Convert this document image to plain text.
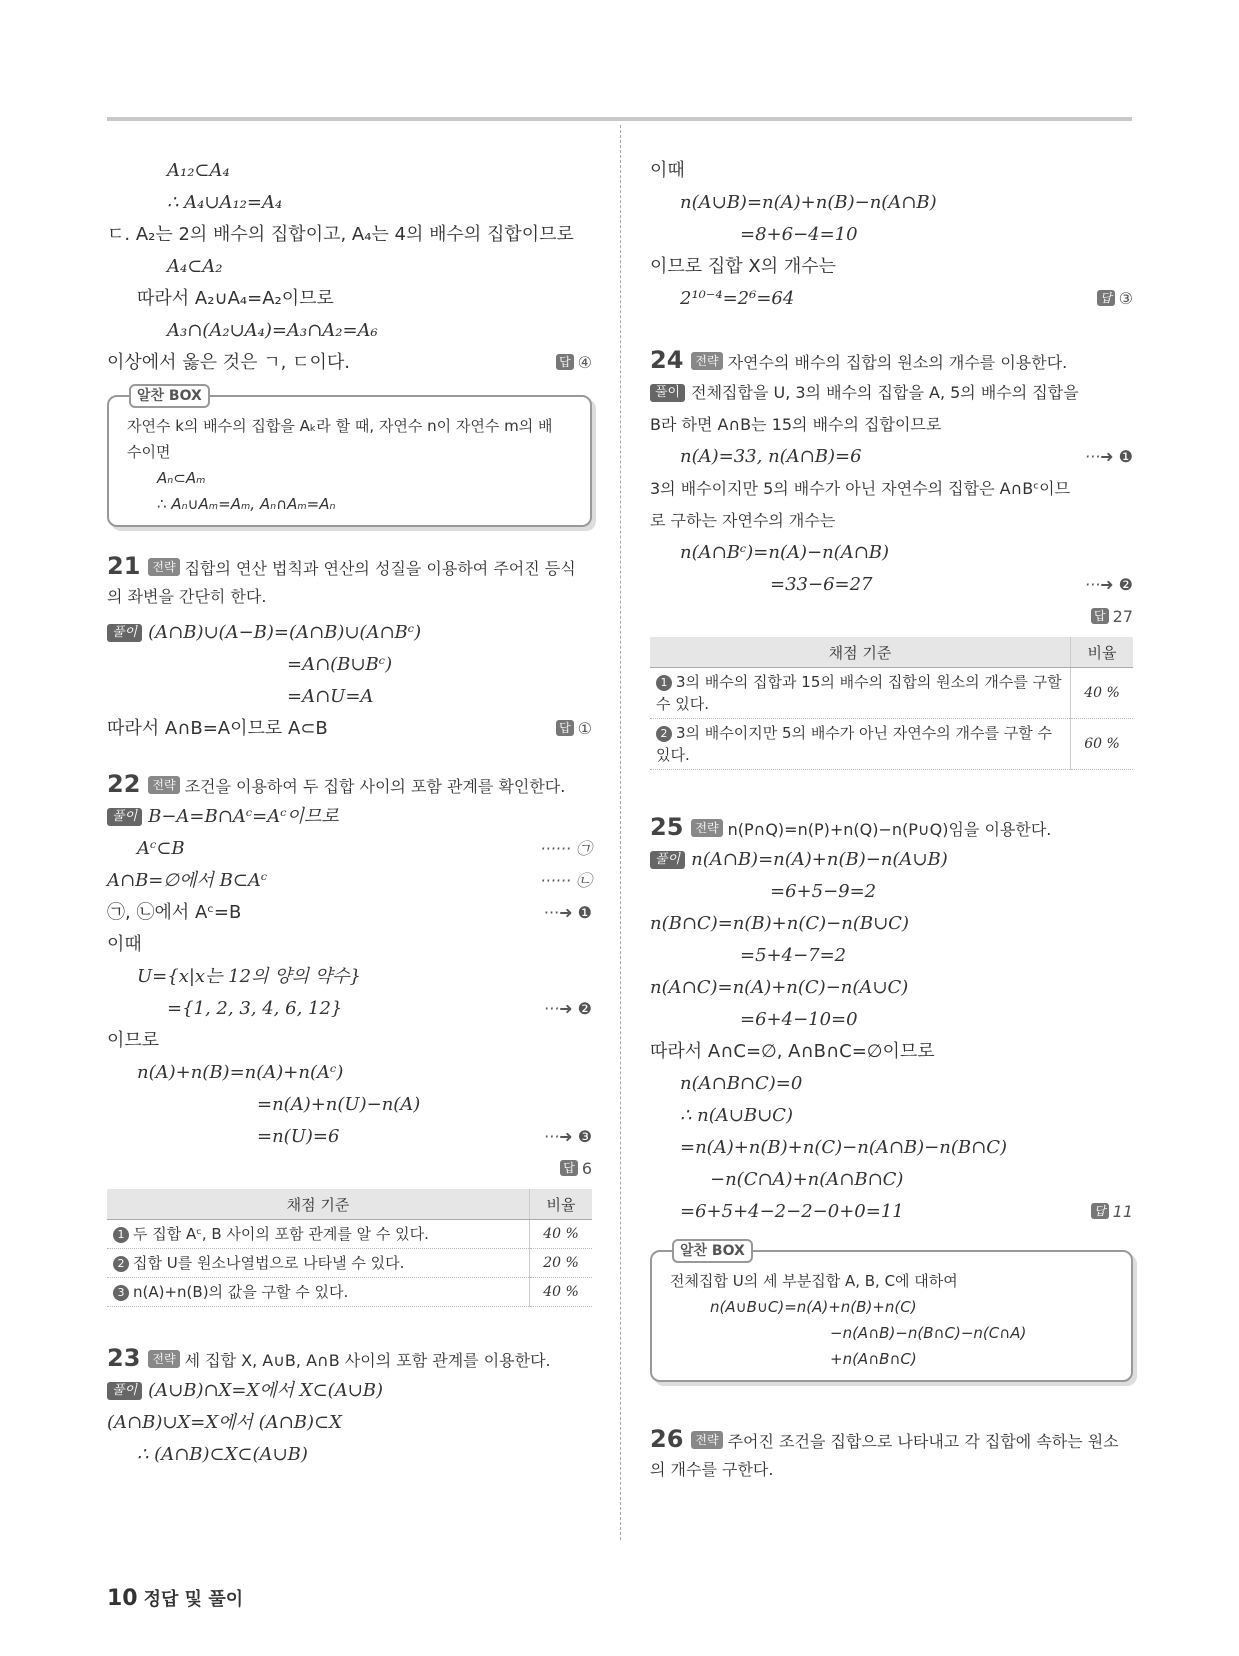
A₁₂⊂A₄
∴ A₄∪A₁₂=A₄
ㄷ. A₂는 2의 배수의 집합이고, A₄는 4의 배수의 집합이므로
A₄⊂A₂
따라서 A₂∪A₄=A₂이므로
A₃∩(A₂∪A₄)=A₃∩A₂=A₆
이상에서 옳은 것은 ㄱ, ㄷ이다.	답 ④
알찬 BOX
자연수 k의 배수의 집합을 Aₖ라 할 때, 자연수 n이 자연수 m의 배
수이면
Aₙ⊂Aₘ
∴ Aₙ∪Aₘ=Aₘ, Aₙ∩Aₘ=Aₙ
21 전략 집합의 연산 법칙과 연산의 성질을 이용하여 주어진 등식
의 좌변을 간단히 한다.
풀이 (A∩B)∪(A−B)=(A∩B)∪(A∩Bᶜ)
=A∩(B∪Bᶜ)
=A∩U=A
따라서 A∩B=A이므로 A⊂B	답 ①
22 전략 조건을 이용하여 두 집합 사이의 포함 관계를 확인한다.
풀이 B−A=B∩Aᶜ=Aᶜ이므로
Aᶜ⊂B	······ ㉠
A∩B=∅에서 B⊂Aᶜ	······ ㉡
㉠, ㉡에서 Aᶜ=B	···➜ ❶
이때
U={x|x는 12의 양의 약수}
={1, 2, 3, 4, 6, 12}	···➜ ❷
이므로
n(A)+n(B)=n(A)+n(Aᶜ)
=n(A)+n(U)−n(A)
=n(U)=6	···➜ ❸
답 6
채점 기준	비율
1 두 집합 Aᶜ, B 사이의 포함 관계를 알 수 있다.	40 %
2 집합 U를 원소나열법으로 나타낼 수 있다.	20 %
3 n(A)+n(B)의 값을 구할 수 있다.	40 %
23 전략 세 집합 X, A∪B, A∩B 사이의 포함 관계를 이용한다.
풀이 (A∪B)∩X=X에서 X⊂(A∪B)
(A∩B)∪X=X에서 (A∩B)⊂X
∴ (A∩B)⊂X⊂(A∪B)
이때
n(A∪B)=n(A)+n(B)−n(A∩B)
=8+6−4=10
이므로 집합 X의 개수는
2¹⁰⁻⁴=2⁶=64	답 ③
24 전략 자연수의 배수의 집합의 원소의 개수를 이용한다.
풀이 전체집합을 U, 3의 배수의 집합을 A, 5의 배수의 집합을
B라 하면 A∩B는 15의 배수의 집합이므로
n(A)=33, n(A∩B)=6	···➜ ❶
3의 배수이지만 5의 배수가 아닌 자연수의 집합은 A∩Bᶜ이므
로 구하는 자연수의 개수는
n(A∩Bᶜ)=n(A)−n(A∩B)
=33−6=27	···➜ ❷
답 27
채점 기준	비율
1 3의 배수의 집합과 15의 배수의 집합의 원소의 개수를 구할 수 있다.	40 %
2 3의 배수이지만 5의 배수가 아닌 자연수의 개수를 구할 수 있다.	60 %
25 전략 n(P∩Q)=n(P)+n(Q)−n(P∪Q)임을 이용한다.
풀이 n(A∩B)=n(A)+n(B)−n(A∪B)
=6+5−9=2
n(B∩C)=n(B)+n(C)−n(B∪C)
=5+4−7=2
n(A∩C)=n(A)+n(C)−n(A∪C)
=6+4−10=0
따라서 A∩C=∅, A∩B∩C=∅이므로
n(A∩B∩C)=0
∴ n(A∪B∪C)
=n(A)+n(B)+n(C)−n(A∩B)−n(B∩C)
−n(C∩A)+n(A∩B∩C)
=6+5+4−2−2−0+0=11	답 11
알찬 BOX
전체집합 U의 세 부분집합 A, B, C에 대하여
n(A∪B∪C)=n(A)+n(B)+n(C)
−n(A∩B)−n(B∩C)−n(C∩A)
+n(A∩B∩C)
26 전략 주어진 조건을 집합으로 나타내고 각 집합에 속하는 원소
의 개수를 구한다.
10 정답 및 풀이
